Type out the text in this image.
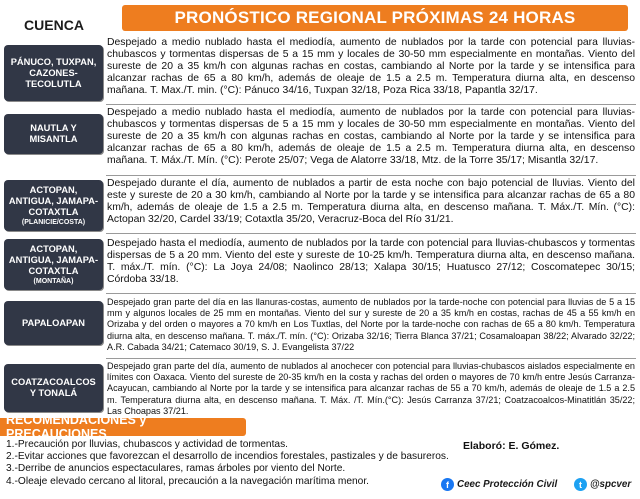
PRONÓSTICO REGIONAL PRÓXIMAS 24 HORAS
CUENCA
PÁNUCO, TUXPAN,
CAZONES-
TECOLUTLA
Despejado a medio nublado hasta el mediodía, aumento de nublados por la tarde con potencial para lluvias-chubascos y tormentas dispersas de 5 a 15 mm y locales de 30-50 mm especialmente en montañas. Viento del sureste de 20 a 35 km/h con algunas rachas en costas, cambiando al Norte por la tarde y se intensifica para alcanzar rachas de 65 a 80 km/h, además de oleaje de 1.5 a 2.5 m. Temperatura diurna alta, en descenso mañana. T. Max./T. min. (°C): Pánuco 34/16, Tuxpan 32/18, Poza Rica 33/18, Papantla 32/17.
NAUTLA Y
MISANTLA
Despejado a medio nublado hasta el mediodía, aumento de nublados por la tarde con potencial para lluvias-chubascos y tormentas dispersas de 5 a 15 mm y locales de 30-50 mm especialmente en montañas. Viento del sureste de 20 a 35 km/h con algunas rachas en costas, cambiando al Norte por la tarde y se intensifica para alcanzar rachas de 65 a 80 km/h, además de oleaje de 1.5 a 2.5 m. Temperatura diurna alta, en descenso mañana. T. Máx./T. Mín. (°C): Perote 25/07; Vega de Alatorre 33/18, Mtz. de la Torre 35/17; Misantla 32/17.
ACTOPAN,
ANTIGUA, JAMAPA-
COTAXTLA
(PLANICIE/COSTA)
Despejado durante el día, aumento de nublados a partir de esta noche con bajo potencial de lluvias. Viento del este y sureste de 20 a 30 km/h, cambiando al Norte por la tarde y se intensifica para alcanzar rachas de 65 a 80 km/h, además de oleaje de 1.5 a 2.5 m. Temperatura diurna alta, en descenso mañana. T. Máx./T. Mín. (°C): Actopan 32/20, Cardel 33/19; Cotaxtla 35/20, Veracruz-Boca del Río 31/21.
ACTOPAN,
ANTIGUA, JAMAPA-
COTAXTLA
(MONTAÑA)
Despejado hasta el mediodía, aumento de nublados por la tarde con potencial para lluvias-chubascos y tormentas dispersas de 5 a 20 mm. Viento del este y sureste de 10-25 km/h. Temperatura diurna alta, en descenso mañana. T. máx./T. mín. (°C): La Joya 24/08; Naolinco 28/13; Xalapa 30/15; Huatusco 27/12; Coscomatepec 30/15; Córdoba 33/18.
PAPALOAPAN
Despejado gran parte del día en las llanuras-costas, aumento de nublados por la tarde-noche con potencial para lluvias de 5 a 15 mm y algunos locales de 25 mm en montañas. Viento del sur y sureste de 20 a 35 km/h en costas, rachas de 45 a 55 km/h en Orizaba y del orden o mayores a 70 km/h en Los Tuxtlas, del Norte por la tarde-noche con rachas de 65 a 80 km/h. Temperatura diurna alta, en descenso mañana. T. máx./T. mín. (°C): Orizaba 32/16; Tierra Blanca 37/21; Cosamaloapan 38/22; Alvarado 32/22; A.R. Cabada 34/21; Catemaco 30/19, S. J. Evangelista 37/22
COATZACOALCOS
Y TONALÁ
Despejado gran parte del día, aumento de nublados al anochecer con potencial para lluvias-chubascos aislados especialmente en límites con Oaxaca. Viento del sureste de 20-35 km/h en la costa y rachas del orden o mayores de 70 km/h entre Jesús Carranza-Acayucan, cambiando al Norte por la tarde y se intensifica para alcanzar rachas de 55 a 70 km/h, además de oleaje de 1.5 a 2.5 m. Temperatura diurna alta, en descenso mañana. T. Máx. /T. Mín.(°C): Jesús Carranza 37/21; Coatzacoalcos-Minatitlán 35/22; Las Choapas 37/21.
RECOMENDACIONES y PRECAUCIONES
1.-Precaución por lluvias, chubascos y actividad de tormentas.
2.-Evitar acciones que favorezcan el desarrollo de incendios forestales, pastizales y de basureros.
3.-Derribe de anuncios espectaculares, ramas árboles por viento del Norte.
4.-Oleaje elevado cercano al litoral, precaución a la navegación marítima menor.
Elaboró: E. Gómez.
f Ceec Protección Civil	t @spcver
